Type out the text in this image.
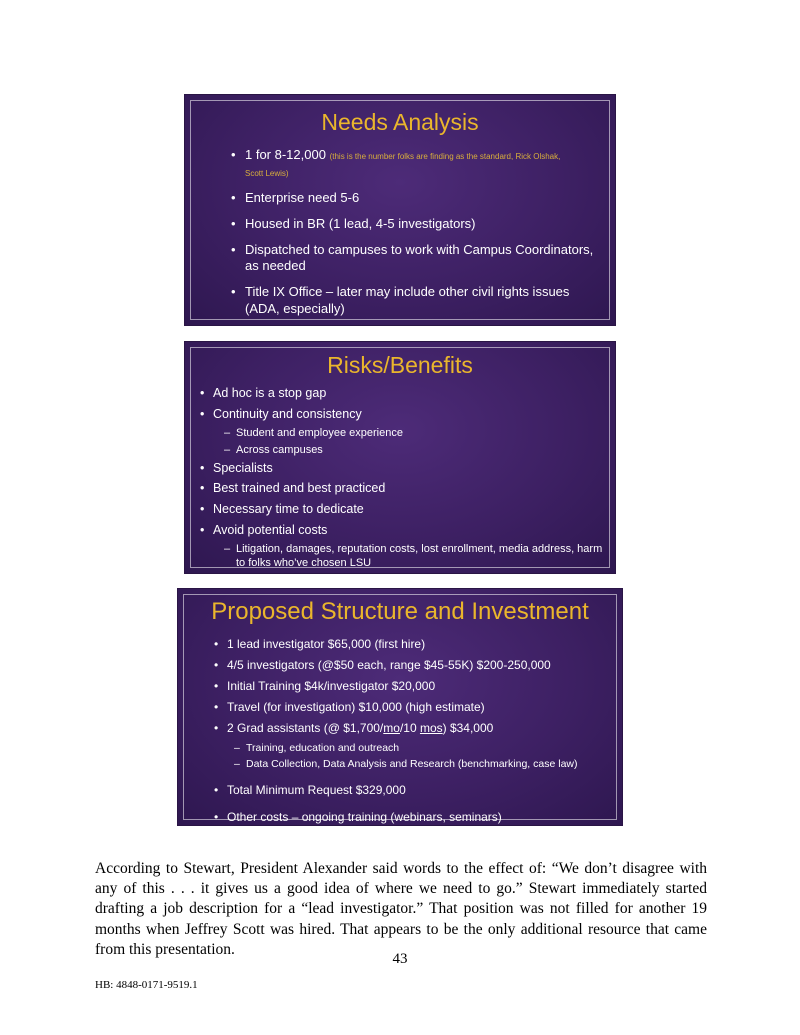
Needs Analysis
• 1 for 8-12,000 (this is the number folks are finding as the standard, Rick Olshak,
Scott Lewis)
• Enterprise need 5-6
• Housed in BR (1 lead, 4-5 investigators)
• Dispatched to campuses to work with Campus Coordinators, as needed
• Title IX Office – later may include other civil rights issues (ADA, especially)
Risks/Benefits
• Ad hoc is a stop gap
• Continuity and consistency
– Student and employee experience
– Across campuses
• Specialists
• Best trained and best practiced
• Necessary time to dedicate
• Avoid potential costs
– Litigation, damages, reputation costs, lost enrollment, media address, harm to folks who’ve chosen LSU
Proposed Structure and Investment
• 1 lead investigator $65,000 (first hire)
• 4/5 investigators (@$50 each, range $45-55K) $200-250,000
• Initial Training $4k/investigator $20,000
• Travel (for investigation) $10,000 (high estimate)
• 2 Grad assistants (@ $1,700/mo/10 mos) $34,000
– Training, education and outreach
– Data Collection, Data Analysis and Research (benchmarking, case law)
• Total Minimum Request $329,000
• Other costs – ongoing training (webinars, seminars)

According to Stewart, President Alexander said words to the effect of: “We don’t disagree with any of this . . . it gives us a good idea of where we need to go.” Stewart immediately started drafting a job description for a “lead investigator.” That position was not filled for another 19 months when Jeffrey Scott was hired. That appears to be the only additional resource that came from this presentation.

43
HB: 4848-0171-9519.1
